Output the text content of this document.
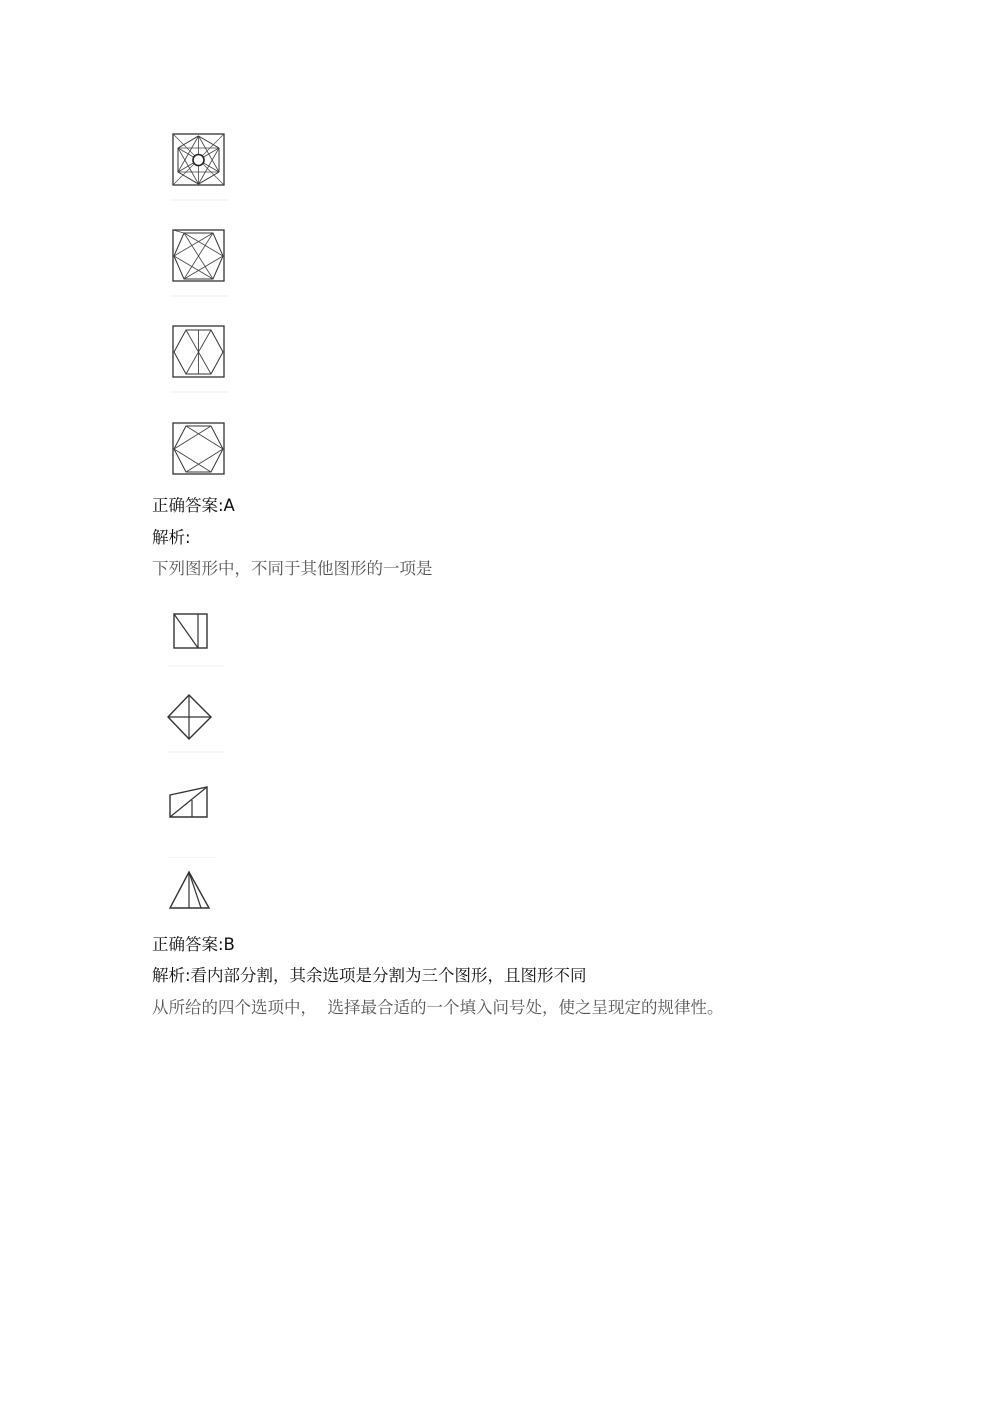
正确答案:A
解析:
下列图形中，不同于其他图形的一项是
正确答案:B
解析:看内部分割，其余选项是分割为三个图形，且图形不同
从所给的四个选项中，  选择最合适的一个填入问号处，使之呈现定的规律性。
